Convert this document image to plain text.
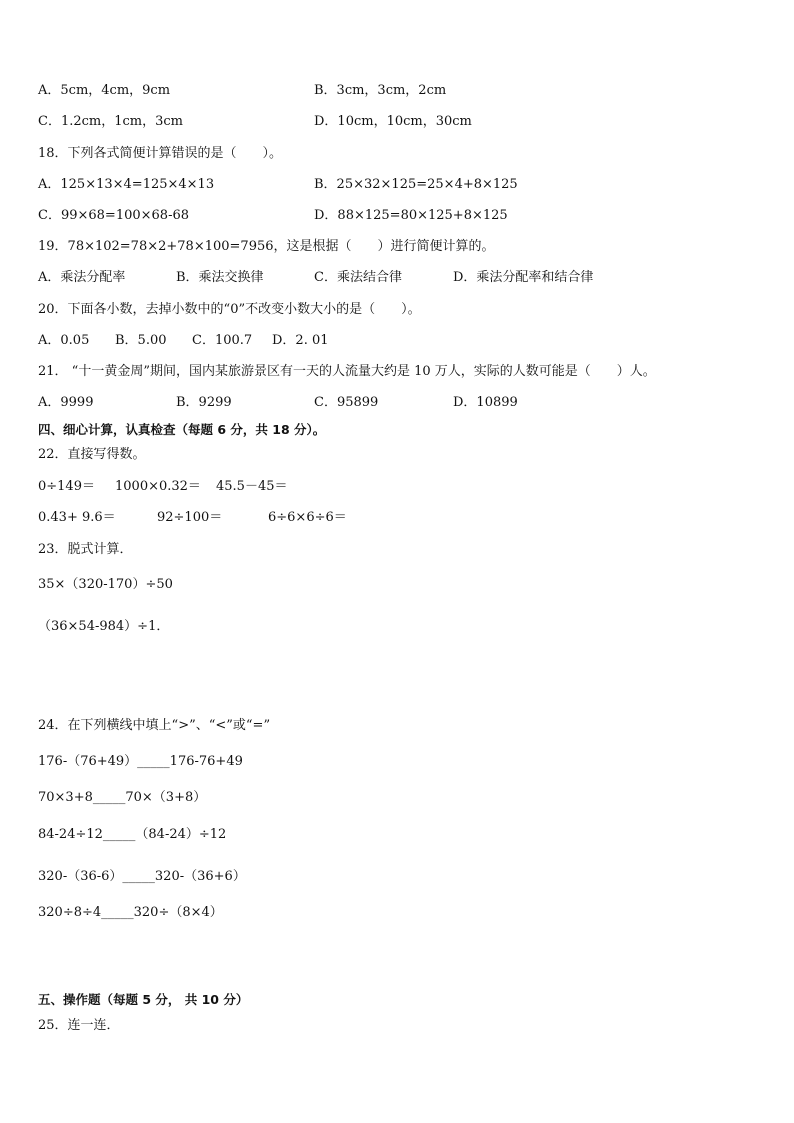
A．5cm，4cm，9cm	B．3cm，3cm，2cm
C．1.2cm，1cm，3cm	D．10cm，10cm，30cm
18．下列各式简便计算错误的是（　　）。
A．125×13×4=125×4×13	B．25×32×125=25×4+8×125
C．99×68=100×68-68	D．88×125=80×125+8×125
19．78×102=78×2+78×100=7956，这是根据（　　）进行简便计算的。
A．乘法分配率	B．乘法交换律	C．乘法结合律	D．乘法分配率和结合律
20．下面各小数，去掉小数中的“0”不改变小数大小的是（　　）。
A．0.05 B．5.00 C．100.7 D．2. 01
21． “十一黄金周”期间，国内某旅游景区有一天的人流量大约是 10 万人，实际的人数可能是（　　）人。
A．9999	B．9299	C．95899	D．10899
四、细心计算，认真检查（每题 6 分，共 18 分）。
22．直接写得数。
0÷149＝ 1000×0.32＝ 45.5－45＝
0.43+ 9.6＝	92÷100＝	6÷6×6÷6＝
23．脱式计算．
35×（320-170）÷50
（36×54-984）÷1．
24．在下列横线中填上“>”、“<”或“=”
176-（76+49）_____176-76+49
70×3+8_____70×（3+8）
84-24÷12_____（84-24）÷12
320-（36-6）_____320-（36+6）
320÷8÷4_____320÷（8×4）
五、操作题（每题 5 分， 共 10 分）
25．连一连．
